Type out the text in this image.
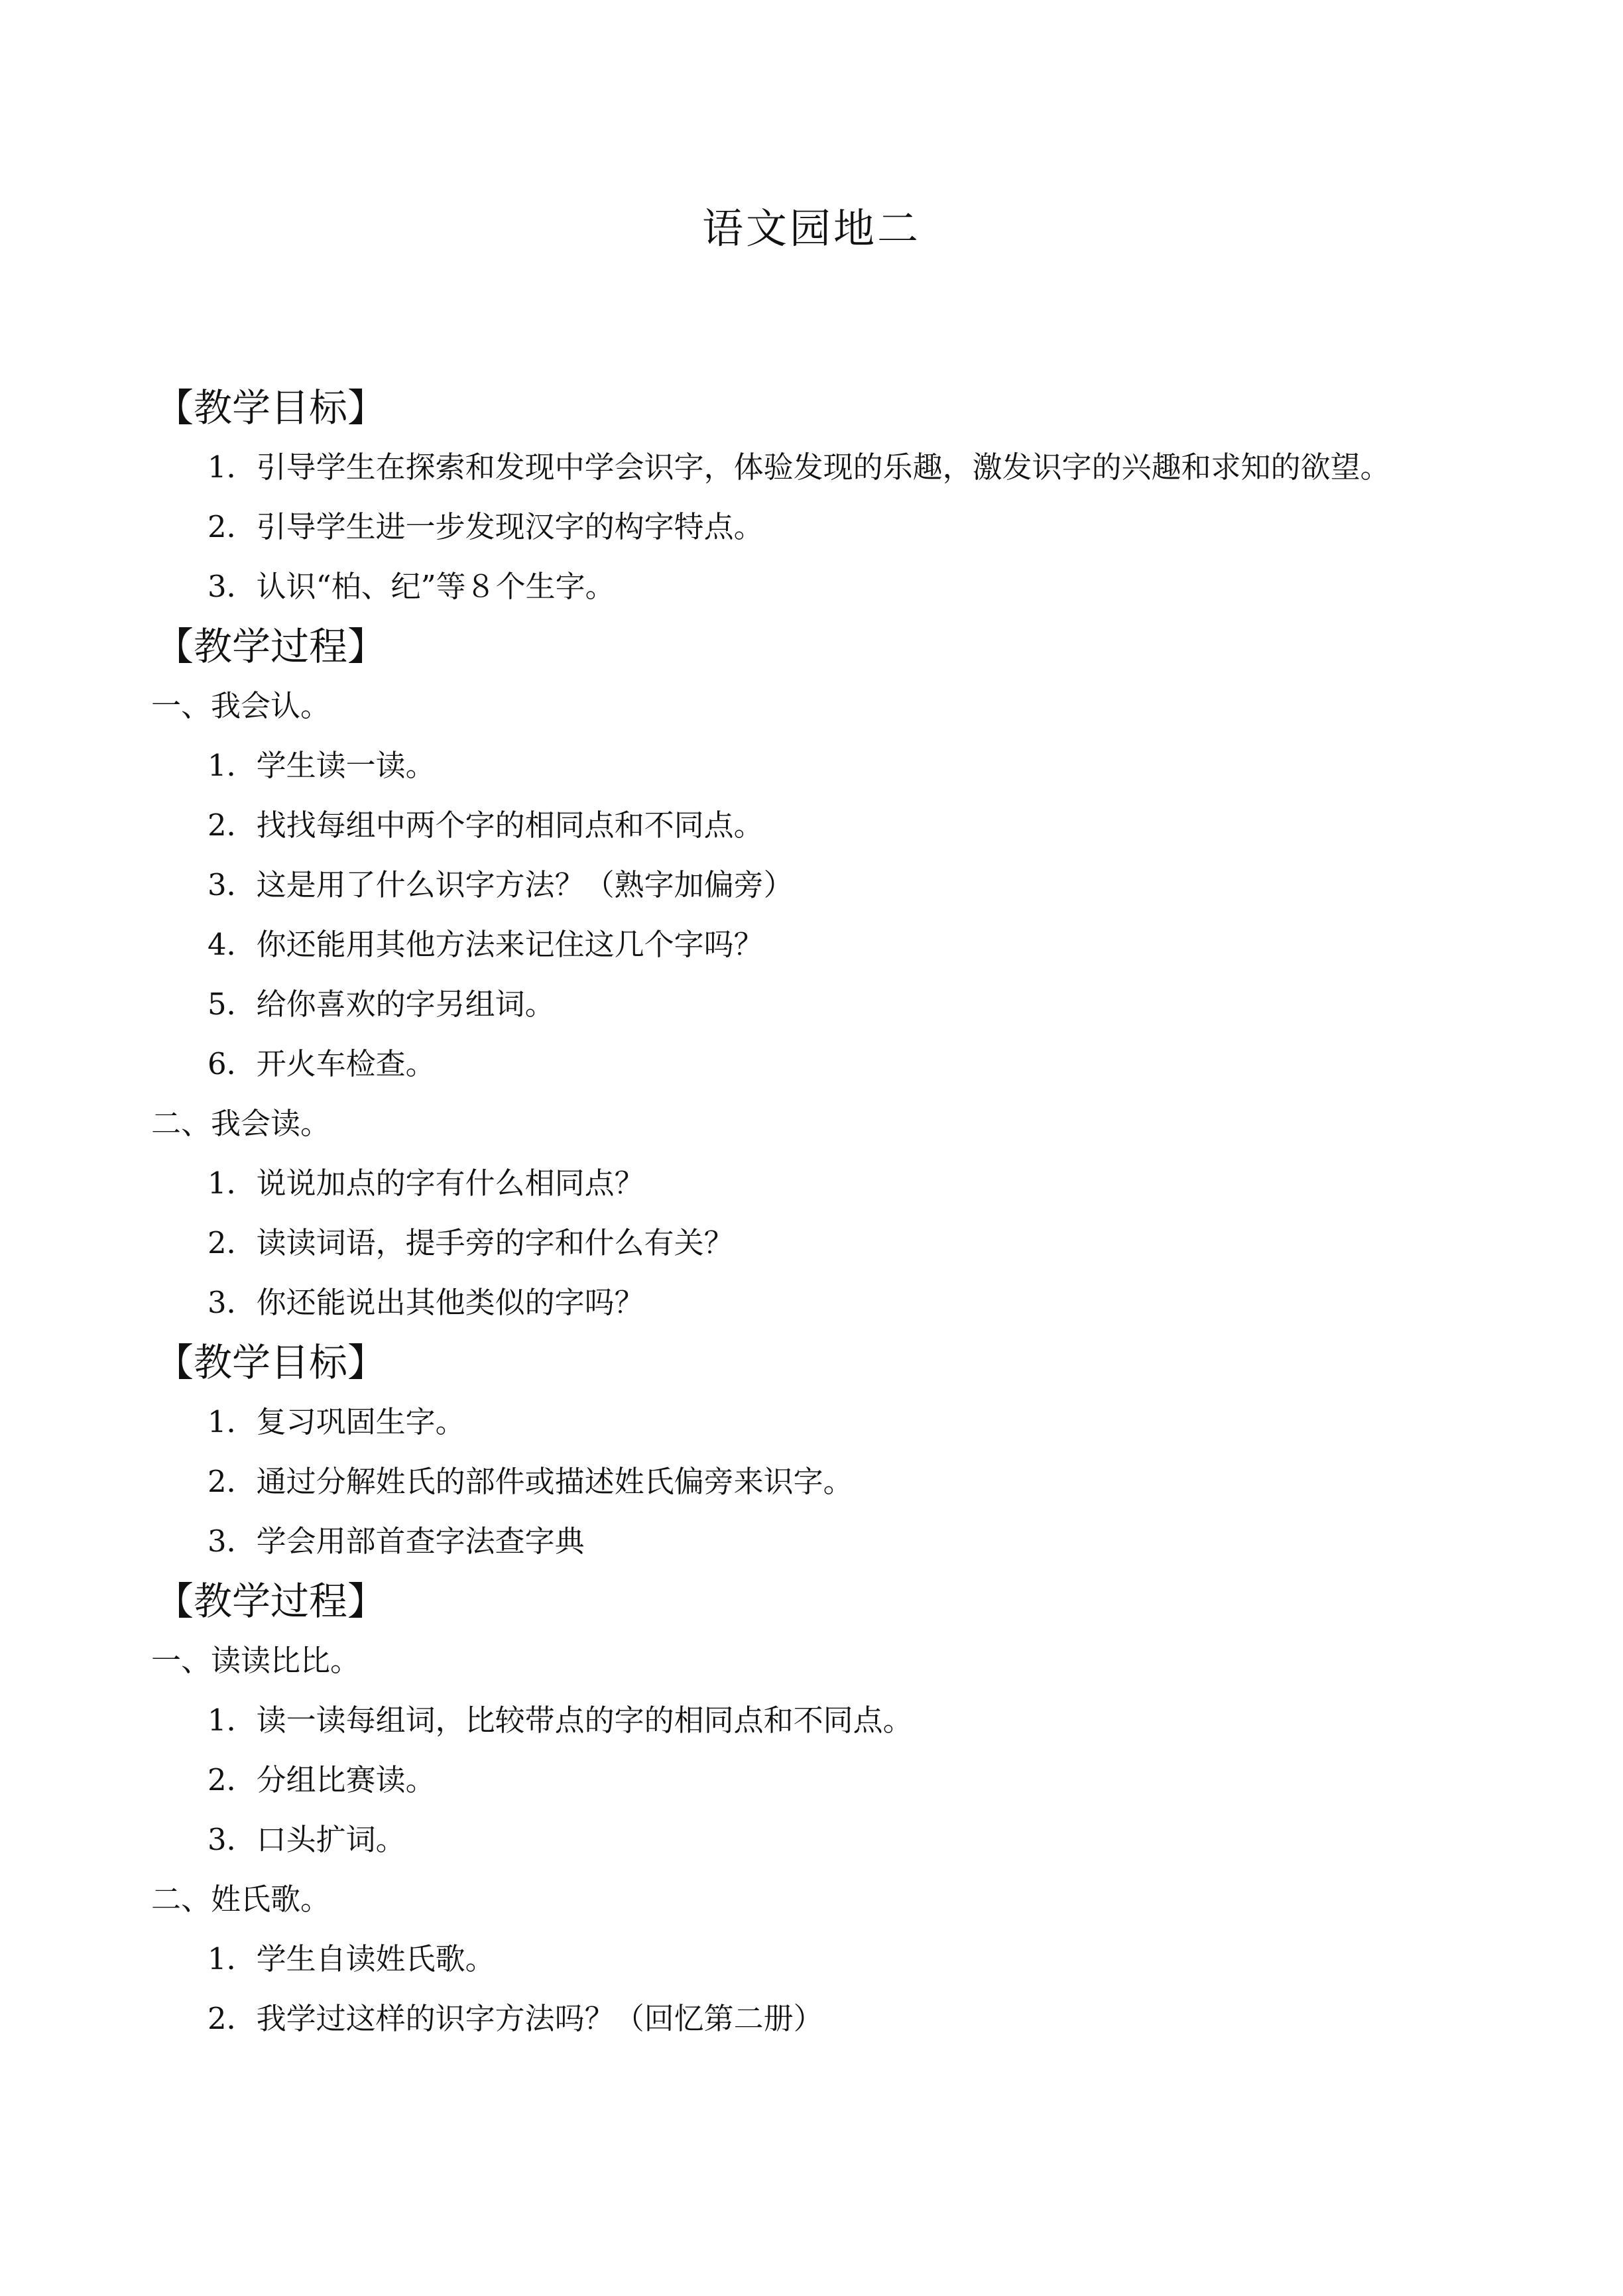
语文园地二
【教学目标】
1．引导学生在探索和发现中学会识字，体验发现的乐趣，激发识字的兴趣和求知的欲望。
2．引导学生进一步发现汉字的构字特点。
3．认识“柏、纪”等８个生字。
【教学过程】
一、我会认。
1．学生读一读。
2．找找每组中两个字的相同点和不同点。
3．这是用了什么识字方法？（熟字加偏旁）
4．你还能用其他方法来记住这几个字吗？
5．给你喜欢的字另组词。
6．开火车检查。
二、我会读。
1．说说加点的字有什么相同点？
2．读读词语，提手旁的字和什么有关？
3．你还能说出其他类似的字吗？
【教学目标】
1．复习巩固生字。
2．通过分解姓氏的部件或描述姓氏偏旁来识字。
3．学会用部首查字法查字典
【教学过程】
一、读读比比。
1．读一读每组词，比较带点的字的相同点和不同点。
2．分组比赛读。
3．口头扩词。
二、姓氏歌。
1．学生自读姓氏歌。
2．我学过这样的识字方法吗？（回忆第二册）
